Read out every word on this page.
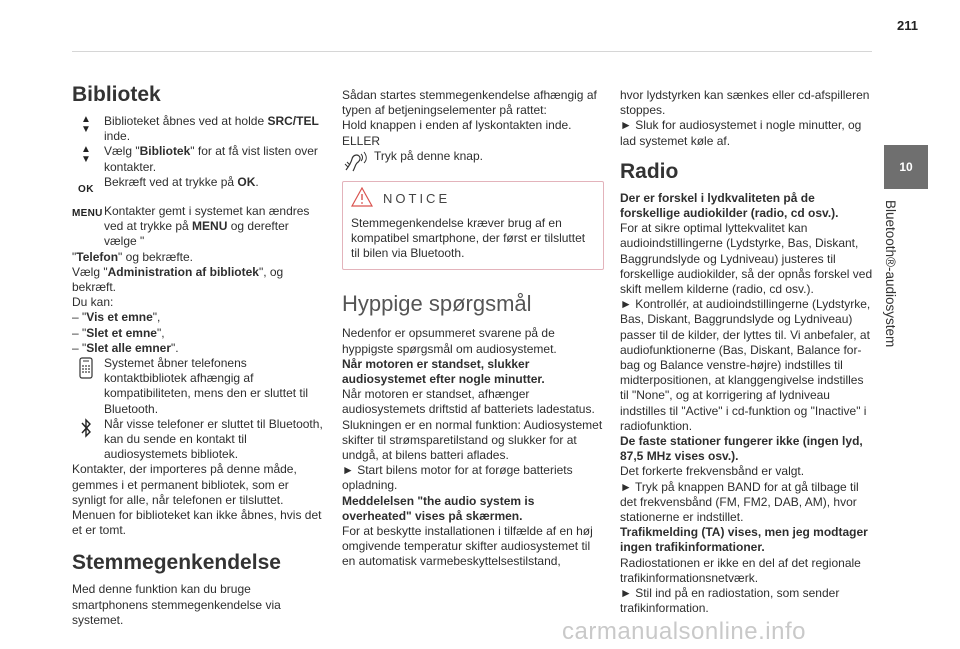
211
Bibliotek
▲
▼

Biblioteket åbnes ved at holde SRC/TEL inde.

▲
▼

Vælg "Bibliotek" for at få vist listen over kontakter.

OK

Bekræft ved at trykke på OK.

MENU Kontakter gemt i systemet kan ændres ved at trykke på MENU og derefter vælge "

"Telefon" og bekræfte.

Vælg "Administration af bibliotek", og bekræft.

Du kan:

– "Vis et emne",

– "Slet et emne",

– "Slet alle emner".

Systemet åbner telefonens kontaktbibliotek afhængig af kompatibiliteten, mens den er sluttet til Bluetooth.

Når visse telefoner er sluttet til Bluetooth, kan du sende en kontakt til audiosystemets bibliotek.

Kontakter, der importeres på denne måde, gemmes i et permanent bibliotek, som er synligt for alle, når telefonen er tilsluttet.

Menuen for biblioteket kan ikke åbnes, hvis det et er tomt.

Stemmegenkendelse

Med denne funktion kan du bruge smartphonens stemmegenkendelse via systemet.

Sådan startes stemmegenkendelse afhængig af typen af betjeningselementer på rattet:

Hold knappen i enden af lyskontakten inde.

ELLER

Tryk på denne knap.

NOTICE

Stemmegenkendelse kræver brug af en kompatibel smartphone, der først er tilsluttet til bilen via Bluetooth.

Hyppige spørgsmål

Nedenfor er opsummeret svarene på de hyppigste spørgsmål om audiosystemet.

Når motoren er standset, slukker audiosystemet efter nogle minutter.

Når motoren er standset, afhænger audiosystemets driftstid af batteriets ladestatus. Slukningen er en normal funktion: Audiosystemet skifter til strømsparetilstand og slukker for at undgå, at bilens batteri aflades.

► Start bilens motor for at forøge batteriets opladning.

Meddelelsen "the audio system is overheated" vises på skærmen.

For at beskytte installationen i tilfælde af en høj omgivende temperatur skifter audiosystemet til en automatisk varmebeskyttelsestilstand,

hvor lydstyrken kan sænkes eller cd-afspilleren stoppes.

► Sluk for audiosystemet i nogle minutter, og lad systemet køle af.

Radio

Der er forskel i lydkvaliteten på de forskellige audiokilder (radio, cd osv.).

For at sikre optimal lyttekvalitet kan audioindstillingerne (Lydstyrke, Bas, Diskant, Baggrundslyde og Lydniveau) justeres til forskellige audiokilder, så der opnås forskel ved skift mellem kilderne (radio, cd osv.).

► Kontrollér, at audioindstillingerne (Lydstyrke, Bas, Diskant, Baggrundslyde og Lydniveau) passer til de kilder, der lyttes til. Vi anbefaler, at audiofunktionerne (Bas, Diskant, Balance for-bag og Balance venstre-højre) indstilles til midterpositionen, at klanggengivelse indstilles til "None", og at korrigering af lydniveau indstilles til "Active" i cd-funktion og "Inactive" i radiofunktion.

De faste stationer fungerer ikke (ingen lyd, 87,5 MHz vises osv.).

Det forkerte frekvensbånd er valgt.

► Tryk på knappen BAND for at gå tilbage til det frekvensbånd (FM, FM2, DAB, AM), hvor stationerne er indstillet.

Trafikmelding (TA) vises, men jeg modtager ingen trafikinformationer.

Radiostationen er ikke en del af det regionale trafikinformationsnetværk.

► Stil ind på en radiostation, som sender trafikinformation.

10
Bluetooth®-audiosystem
carmanualsonline.info
